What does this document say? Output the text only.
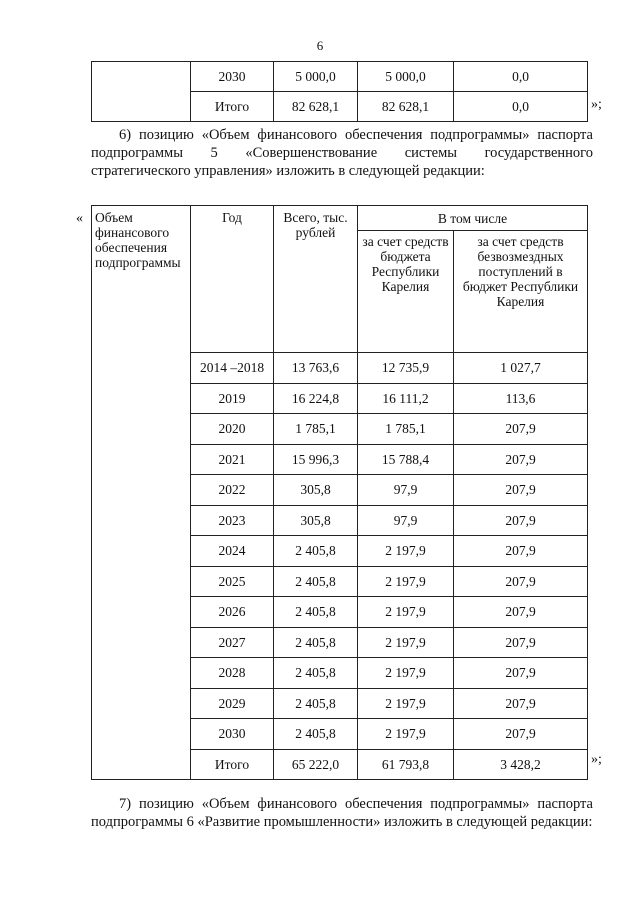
6
	2030	5 000,0	5 000,0	0,0
	Итого	82 628,1	82 628,1	0,0	»;

6) позицию «Объем финансового обеспечения подпрограммы» паспорта подпрограммы 5 «Совершенствование системы государственного стратегического управления» изложить в следующей редакции:

« Объем финансового обеспечения подпрограммы	Год	Всего, тыс. рублей	В том числе	
			за счет средств бюджета Республики Карелия	за счет средств безвозмездных поступлений в бюджет Республики Карелия
	2014 –2018	13 763,6	12 735,9	1 027,7
	2019	16 224,8	16 111,2	113,6
	2020	1 785,1	1 785,1	207,9
	2021	15 996,3	15 788,4	207,9
	2022	305,8	97,9	207,9
	2023	305,8	97,9	207,9
	2024	2 405,8	2 197,9	207,9
	2025	2 405,8	2 197,9	207,9
	2026	2 405,8	2 197,9	207,9
	2027	2 405,8	2 197,9	207,9
	2028	2 405,8	2 197,9	207,9
	2029	2 405,8	2 197,9	207,9
	2030	2 405,8	2 197,9	207,9
	Итого	65 222,0	61 793,8	3 428,2	»;

7) позицию «Объем финансового обеспечения подпрограммы» паспорта подпрограммы 6 «Развитие промышленности» изложить в следующей редакции:
